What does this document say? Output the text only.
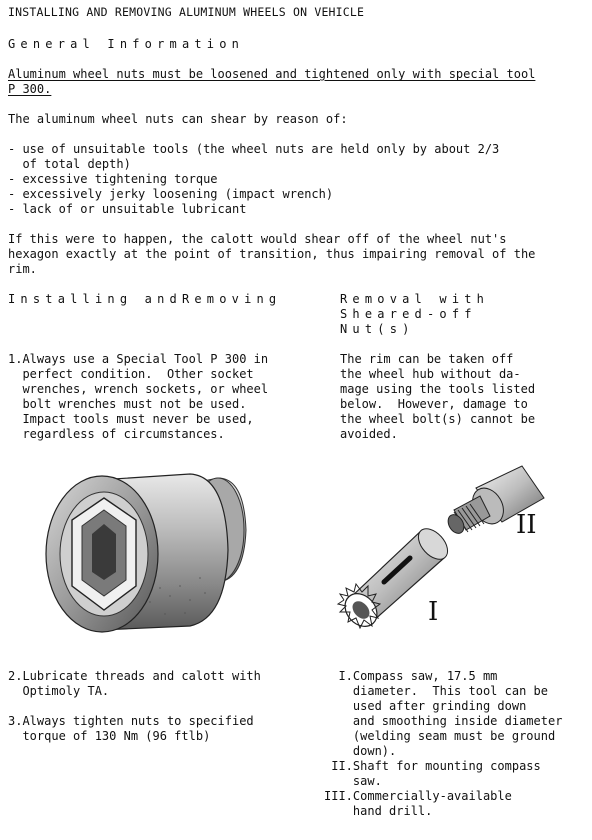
INSTALLING AND REMOVING ALUMINUM WHEELS ON VEHICLE
General Information
Aluminum wheel nuts must be loosened and tightened only with special tool
P 300.
The aluminum wheel nuts can shear by reason of:
- use of unsuitable tools (the wheel nuts are held only by about 2/3
of total depth)
- excessive tightening torque
- excessively jerky loosening (impact wrench)
- lack of or unsuitable lubricant
If this were to happen, the calott would shear off of the wheel nut's
hexagon exactly at the point of transition, thus impairing removal of the
rim.
Installing andRemoving	Removal with
Sheared-off
Nut(s)
1.Always use a Special Tool P 300 in
perfect condition.  Other socket
wrenches, wrench sockets, or wheel
bolt wrenches must not be used.
Impact tools must never be used,
regardless of circumstances.
The rim can be taken off
the wheel hub without da-
mage using the tools listed
below.  However, damage to
the wheel bolt(s) cannot be
avoided.
II
I
2.Lubricate threads and calott with
Optimoly TA.
3.Always tighten nuts to specified
torque of 130 Nm (96 ftlb)
I.Compass saw, 17.5 mm
diameter.  This tool can be
used after grinding down
and smoothing inside diameter
(welding seam must be ground
down).
II.Shaft for mounting compass
saw.
III.Commercially-available
hand drill.
